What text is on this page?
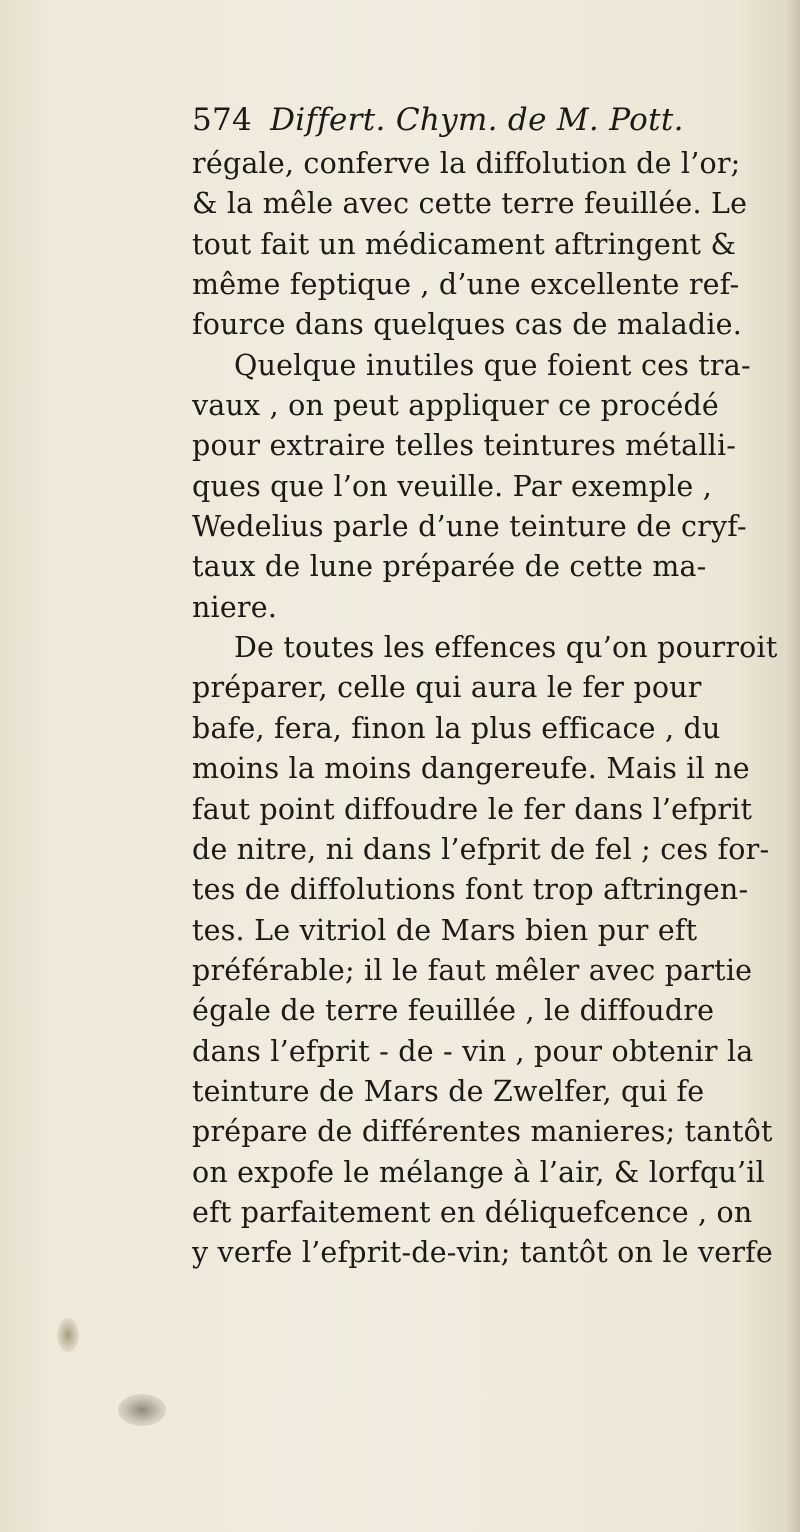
574 Differt. Chym. de M. Pott.
régale, conferve la diffolution de l’or;
& la mêle avec cette terre feuillée. Le
tout fait un médicament aftringent &
même feptique , d’une excellente ref-
fource dans quelques cas de maladie.
Quelque inutiles que foient ces tra-
vaux , on peut appliquer ce procédé
pour extraire telles teintures métalli-
ques que l’on veuille. Par exemple ,
Wedelius parle d’une teinture de cryf-
taux de lune préparée de cette ma-
niere.
De toutes les effences qu’on pourroit
préparer, celle qui aura le fer pour
bafe, fera, finon la plus efficace , du
moins la moins dangereufe. Mais il ne
faut point diffoudre le fer dans l’efprit
de nitre, ni dans l’efprit de fel ; ces for-
tes de diffolutions font trop aftringen-
tes. Le vitriol de Mars bien pur eft
préférable; il le faut mêler avec partie
égale de terre feuillée , le diffoudre
dans l’efprit - de - vin , pour obtenir la
teinture de Mars de Zwelfer, qui fe
prépare de différentes manieres; tantôt
on expofe le mélange à l’air, & lorfqu’il
eft parfaitement en déliquefcence , on
y verfe l’efprit-de-vin; tantôt on le verfe
